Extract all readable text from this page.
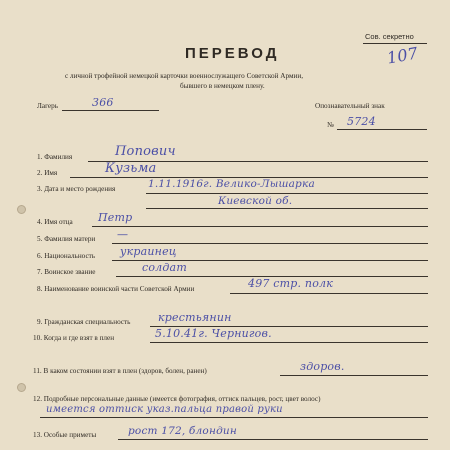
Сов. секретно
107
ПЕРЕВОД
с личной трофейной немецкой карточки военнослужащего Советской Армии,
бывшего в немецком плену.
Лагерь	366	Опознавательный знак
№ 5724
1. Фамилия	Попович
2. Имя	Кузьма
3. Дата и место рождения	1.11.1916г. Велико-Лышарка
Киевской об.
4. Имя отца Петр
5. Фамилия матери —
6. Национальность украинец
7. Воинское звание	солдат
8. Наименование воинской части Советской Армии	497 стр. полк
9. Гражданская специальность	крестьянин
10. Когда и где взят в плен	5.10.41г. Чернигов.
11. В каком состоянии взят в плен (здоров, болен, ранен)	здоров.
12. Подробные персональные данные (имеется фотография, оттиск пальцев, рост, цвет волос)
имеется оттиск указ.пальца правой руки
13. Особые приметы	рост 172, блондин
